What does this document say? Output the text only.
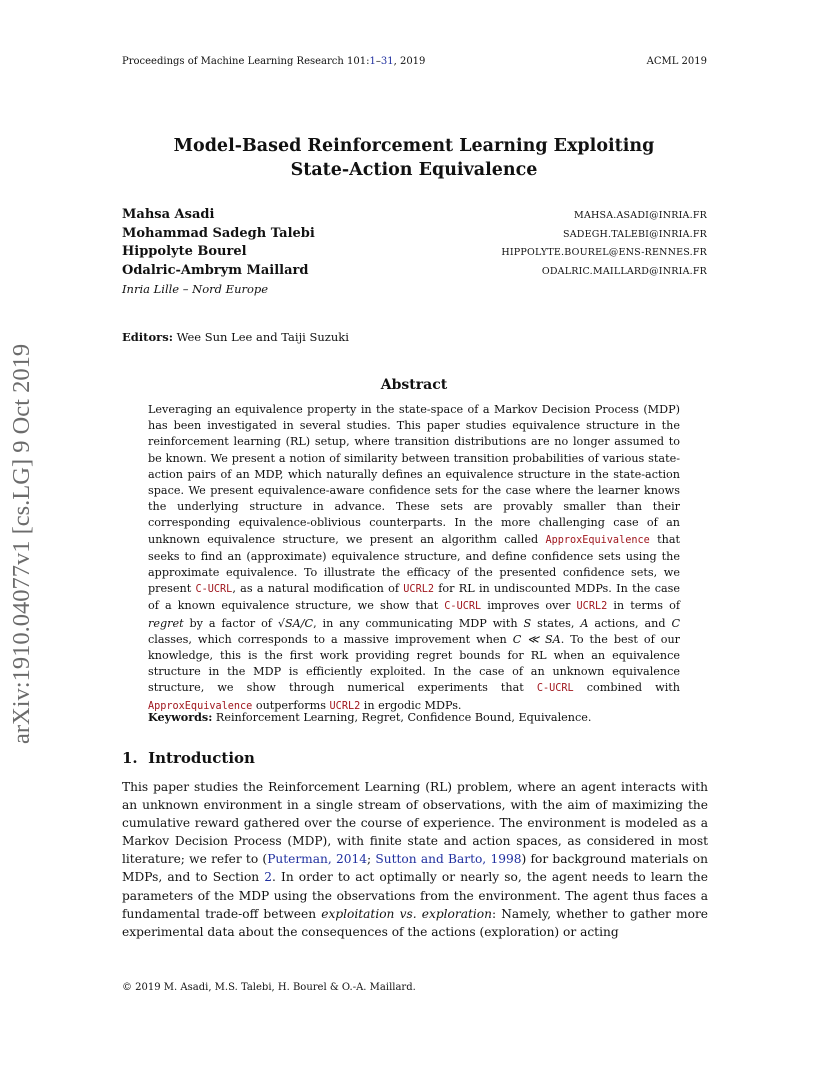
arXiv:1910.04077v1 [cs.LG] 9 Oct 2019
Proceedings of Machine Learning Research 101:1–31, 2019	ACML 2019
Model-Based Reinforcement Learning Exploiting
State-Action Equivalence
Mahsa Asadi	MAHSA.ASADI@INRIA.FR
Mohammad Sadegh Talebi	SADEGH.TALEBI@INRIA.FR
Hippolyte Bourel	HIPPOLYTE.BOUREL@ENS-RENNES.FR
Odalric-Ambrym Maillard	ODALRIC.MAILLARD@INRIA.FR
Inria Lille – Nord Europe
Editors: Wee Sun Lee and Taiji Suzuki
Abstract
Leveraging an equivalence property in the state-space of a Markov Decision Process (MDP) has been investigated in several studies. This paper studies equivalence structure in the reinforcement learning (RL) setup, where transition distributions are no longer assumed to be known. We present a notion of similarity between transition probabilities of various state-action pairs of an MDP, which naturally defines an equivalence structure in the state-action space. We present equivalence-aware confidence sets for the case where the learner knows the underlying structure in advance. These sets are provably smaller than their corresponding equivalence-oblivious counterparts. In the more challenging case of an unknown equivalence structure, we present an algorithm called ApproxEquivalence that seeks to find an (approximate) equivalence structure, and define confidence sets using the approximate equivalence. To illustrate the efficacy of the presented confidence sets, we present C-UCRL, as a natural modification of UCRL2 for RL in undiscounted MDPs. In the case of a known equivalence structure, we show that C-UCRL improves over UCRL2 in terms of regret by a factor of √SA/C, in any communicating MDP with S states, A actions, and C classes, which corresponds to a massive improvement when C ≪ SA. To the best of our knowledge, this is the first work providing regret bounds for RL when an equivalence structure in the MDP is efficiently exploited. In the case of an unknown equivalence structure, we show through numerical experiments that C-UCRL combined with ApproxEquivalence outperforms UCRL2 in ergodic MDPs.
Keywords: Reinforcement Learning, Regret, Confidence Bound, Equivalence.
1. Introduction
This paper studies the Reinforcement Learning (RL) problem, where an agent interacts with an unknown environment in a single stream of observations, with the aim of maximizing the cumulative reward gathered over the course of experience. The environment is modeled as a Markov Decision Process (MDP), with finite state and action spaces, as considered in most literature; we refer to (Puterman, 2014; Sutton and Barto, 1998) for background materials on MDPs, and to Section 2. In order to act optimally or nearly so, the agent needs to learn the parameters of the MDP using the observations from the environment. The agent thus faces a fundamental trade-off between exploitation vs. exploration: Namely, whether to gather more experimental data about the consequences of the actions (exploration) or acting
© 2019 M. Asadi, M.S. Talebi, H. Bourel & O.-A. Maillard.
